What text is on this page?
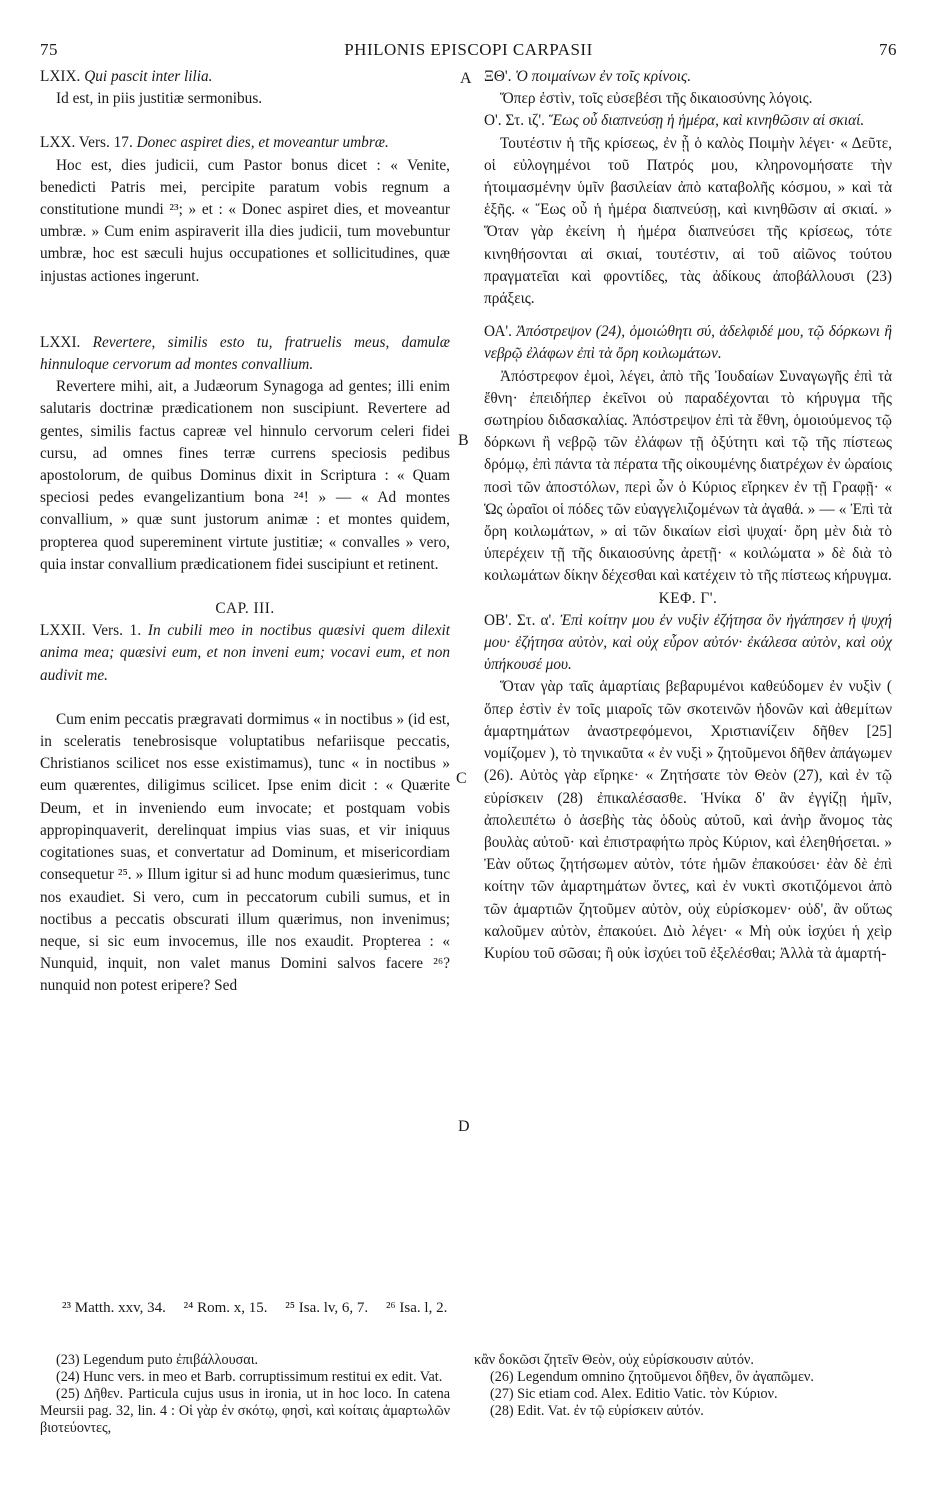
75	PHILONIS EPISCOPI CARPASII	76
A
B
C
D

LXIX. Qui pascit inter lilia.

Id est, in piis justitiæ sermonibus.

LXX. Vers. 17. Donec aspiret dies, et moveantur umbræ.

Hoc est, dies judicii, cum Pastor bonus dicet : « Venite, benedicti Patris mei, percipite paratum vobis regnum a constitutione mundi ²³; » et : « Donec aspiret dies, et moveantur umbræ. » Cum enim aspiraverit illa dies judicii, tum movebuntur umbræ, hoc est sæculi hujus occupationes et sollicitudines, quæ injustas actiones ingerunt.

LXXI. Revertere, similis esto tu, fratruelis meus, damulæ hinnuloque cervorum ad montes convallium.

Revertere mihi, ait, a Judæorum Synagoga ad gentes; illi enim salutaris doctrinæ prædicationem non suscipiunt. Revertere ad gentes, similis factus capreæ vel hinnulo cervorum celeri fidei cursu, ad omnes fines terræ currens speciosis pedibus apostolorum, de quibus Dominus dixit in Scriptura : « Quam speciosi pedes evangelizantium bona ²⁴! » — « Ad montes convallium, » quæ sunt justorum animæ : et montes quidem, propterea quod supereminent virtute justitiæ; « convalles » vero, quia instar convallium prædicationem fidei suscipiunt et retinent.

CAP. III.

LXXII. Vers. 1. In cubili meo in noctibus quæsivi quem dilexit anima mea; quæsivi eum, et non inveni eum; vocavi eum, et non audivit me.

Cum enim peccatis prægravati dormimus « in noctibus » (id est, in sceleratis tenebrosisque voluptatibus nefariisque peccatis, Christianos scilicet nos esse existimamus), tunc « in noctibus » eum quærentes, diligimus scilicet. Ipse enim dicit : « Quærite Deum, et in inveniendo eum invocate; et postquam vobis appropinquaverit, derelinquat impius vias suas, et vir iniquus cogitationes suas, et convertatur ad Dominum, et misericordiam consequetur ²⁵. » Illum igitur si ad hunc modum quæsierimus, tunc nos exaudiet. Si vero, cum in peccatorum cubili sumus, et in noctibus a peccatis obscurati illum quærimus, non invenimus; neque, si sic eum invocemus, ille nos exaudit. Propterea : « Nunquid, inquit, non valet manus Domini salvos facere ²⁶? nunquid non potest eripere? Sed

ΞΘ'. Ὁ ποιμαίνων ἐν τοῖς κρίνοις.

Ὅπερ ἐστὶν, τοῖς εὐσεβέσι τῆς δικαιοσύνης λόγοις.

Ο'. Στ. ιζ'. Ἕως οὗ διαπνεύσῃ ἡ ἡμέρα, καὶ κινηθῶσιν αἱ σκιαί.

Τουτέστιν ἡ τῆς κρίσεως, ἐν ᾗ ὁ καλὸς Ποιμὴν λέγει· « Δεῦτε, οἱ εὐλογημένοι τοῦ Πατρός μου, κληρονομήσατε τὴν ἡτοιμασμένην ὑμῖν βασιλείαν ἀπὸ καταβολῆς κόσμου, » καὶ τὰ ἑξῆς. « Ἕως οὗ ἡ ἡμέρα διαπνεύσῃ, καὶ κινηθῶσιν αἱ σκιαί. » Ὅταν γὰρ ἐκείνη ἡ ἡμέρα διαπνεύσει τῆς κρίσεως, τότε κινηθήσονται αἱ σκιαί, τουτέστιν, αἱ τοῦ αἰῶνος τούτου πραγματεῖαι καὶ φροντίδες, τὰς ἀδίκους ἀποβάλλουσι (23) πράξεις.

ΟΑ'. Ἀπόστρεψον (24), ὁμοιώθητι σύ, ἀδελφιδέ μου, τῷ δόρκωνι ἢ νεβρῷ ἐλάφων ἐπὶ τὰ ὄρη κοιλωμάτων.

Ἀπόστρεφον ἐμοὶ, λέγει, ἀπὸ τῆς Ἰουδαίων Συναγωγῆς ἐπὶ τὰ ἔθνη· ἐπειδήπερ ἐκεῖνοι οὐ παραδέχονται τὸ κήρυγμα τῆς σωτηρίου διδασκαλίας. Ἀπόστρεψον ἐπὶ τὰ ἔθνη, ὁμοιούμενος τῷ δόρκωνι ἢ νεβρῷ τῶν ἐλάφων τῇ ὀξύτητι καὶ τῷ τῆς πίστεως δρόμῳ, ἐπὶ πάντα τὰ πέρατα τῆς οἰκουμένης διατρέχων ἐν ὡραίοις ποσὶ τῶν ἀποστόλων, περὶ ὧν ὁ Κύριος εἴρηκεν ἐν τῇ Γραφῇ· « Ὡς ὡραῖοι οἱ πόδες τῶν εὐαγγελιζομένων τὰ ἀγαθά. » — « Ἐπὶ τὰ ὄρη κοιλωμάτων, » αἱ τῶν δικαίων εἰσὶ ψυχαί· ὄρη μὲν διὰ τὸ ὑπερέχειν τῇ τῆς δικαιοσύνης ἀρετῇ· « κοιλώματα » δὲ διὰ τὸ κοιλωμάτων δίκην δέχεσθαι καὶ κατέχειν τὸ τῆς πίστεως κήρυγμα.

ΚΕΦ. Γ'.

ΟΒ'. Στ. α'. Ἐπὶ κοίτην μου ἐν νυξὶν ἐζήτησα ὃν ἠγάπησεν ἡ ψυχή μου· ἐζήτησα αὐτὸν, καὶ οὐχ εὗρον αὐτόν· ἐκάλεσα αὐτὸν, καὶ οὐχ ὑπήκουσέ μου.

Ὅταν γὰρ ταῖς ἁμαρτίαις βεβαρυμένοι καθεύδομεν ἐν νυξὶν ( ὅπερ ἐστὶν ἐν τοῖς μιαροῖς τῶν σκοτεινῶν ἡδονῶν καὶ ἀθεμίτων ἁμαρτημάτων ἀναστρεφόμενοι, Χριστιανίζειν δῆθεν [25] νομίζομεν ), τὸ τηνικαῦτα « ἐν νυξὶ » ζητοῦμενοι δῆθεν ἀπάγωμεν (26). Αὐτὸς γὰρ εἴρηκε· « Ζητήσατε τὸν Θεὸν (27), καὶ ἐν τῷ εὑρίσκειν (28) ἐπικαλέσασθε. Ἡνίκα δ' ἂν ἐγγίζῃ ἡμῖν, ἀπολειπέτω ὁ ἀσεβὴς τὰς ὁδοὺς αὐτοῦ, καὶ ἀνὴρ ἄνομος τὰς βουλὰς αὐτοῦ· καὶ ἐπιστραφήτω πρὸς Κύριον, καὶ ἐλεηθήσεται. » Ἐὰν οὕτως ζητήσωμεν αὐτὸν, τότε ἡμῶν ἐπακούσει· ἐὰν δὲ ἐπὶ κοίτην τῶν ἁμαρτημάτων ὄντες, καὶ ἐν νυκτὶ σκοτιζόμενοι ἀπὸ τῶν ἁμαρτιῶν ζητοῦμεν αὐτὸν, οὐχ εὑρίσκομεν· οὐδ', ἂν οὕτως καλοῦμεν αὐτὸν, ἐπακούει. Διὸ λέγει· « Μὴ οὐκ ἰσχύει ἡ χεὶρ Κυρίου τοῦ σῶσαι; ἢ οὐκ ἰσχύει τοῦ ἐξελέσθαι; Ἀλλὰ τὰ ἁμαρτή-

²³ Matth. xxv, 34. ²⁴ Rom. x, 15. ²⁵ Isa. lv, 6, 7. ²⁶ Isa. l, 2.

(23) Legendum puto ἐπιβάλλουσαι.

(24) Hunc vers. in meo et Barb. corruptissimum restitui ex edit. Vat.

(25) Δῆθεν. Particula cujus usus in ironia, ut in hoc loco. In catena Meursii pag. 32, lin. 4 : Οἱ γὰρ ἐν σκότῳ, φησὶ, καὶ κοίταις ἁμαρτωλῶν βιοτεύοντες,

κἂν δοκῶσι ζητεῖν Θεὸν, οὐχ εὑρίσκουσιν αὐτόν.

(26) Legendum omnino ζητοῦμενοι δῆθεν, ὂν ἀγαπῶμεν.

(27) Sic etiam cod. Alex. Editio Vatic. τὸν Κύριον.

(28) Edit. Vat. ἐν τῷ εὑρίσκειν αὐτόν.
